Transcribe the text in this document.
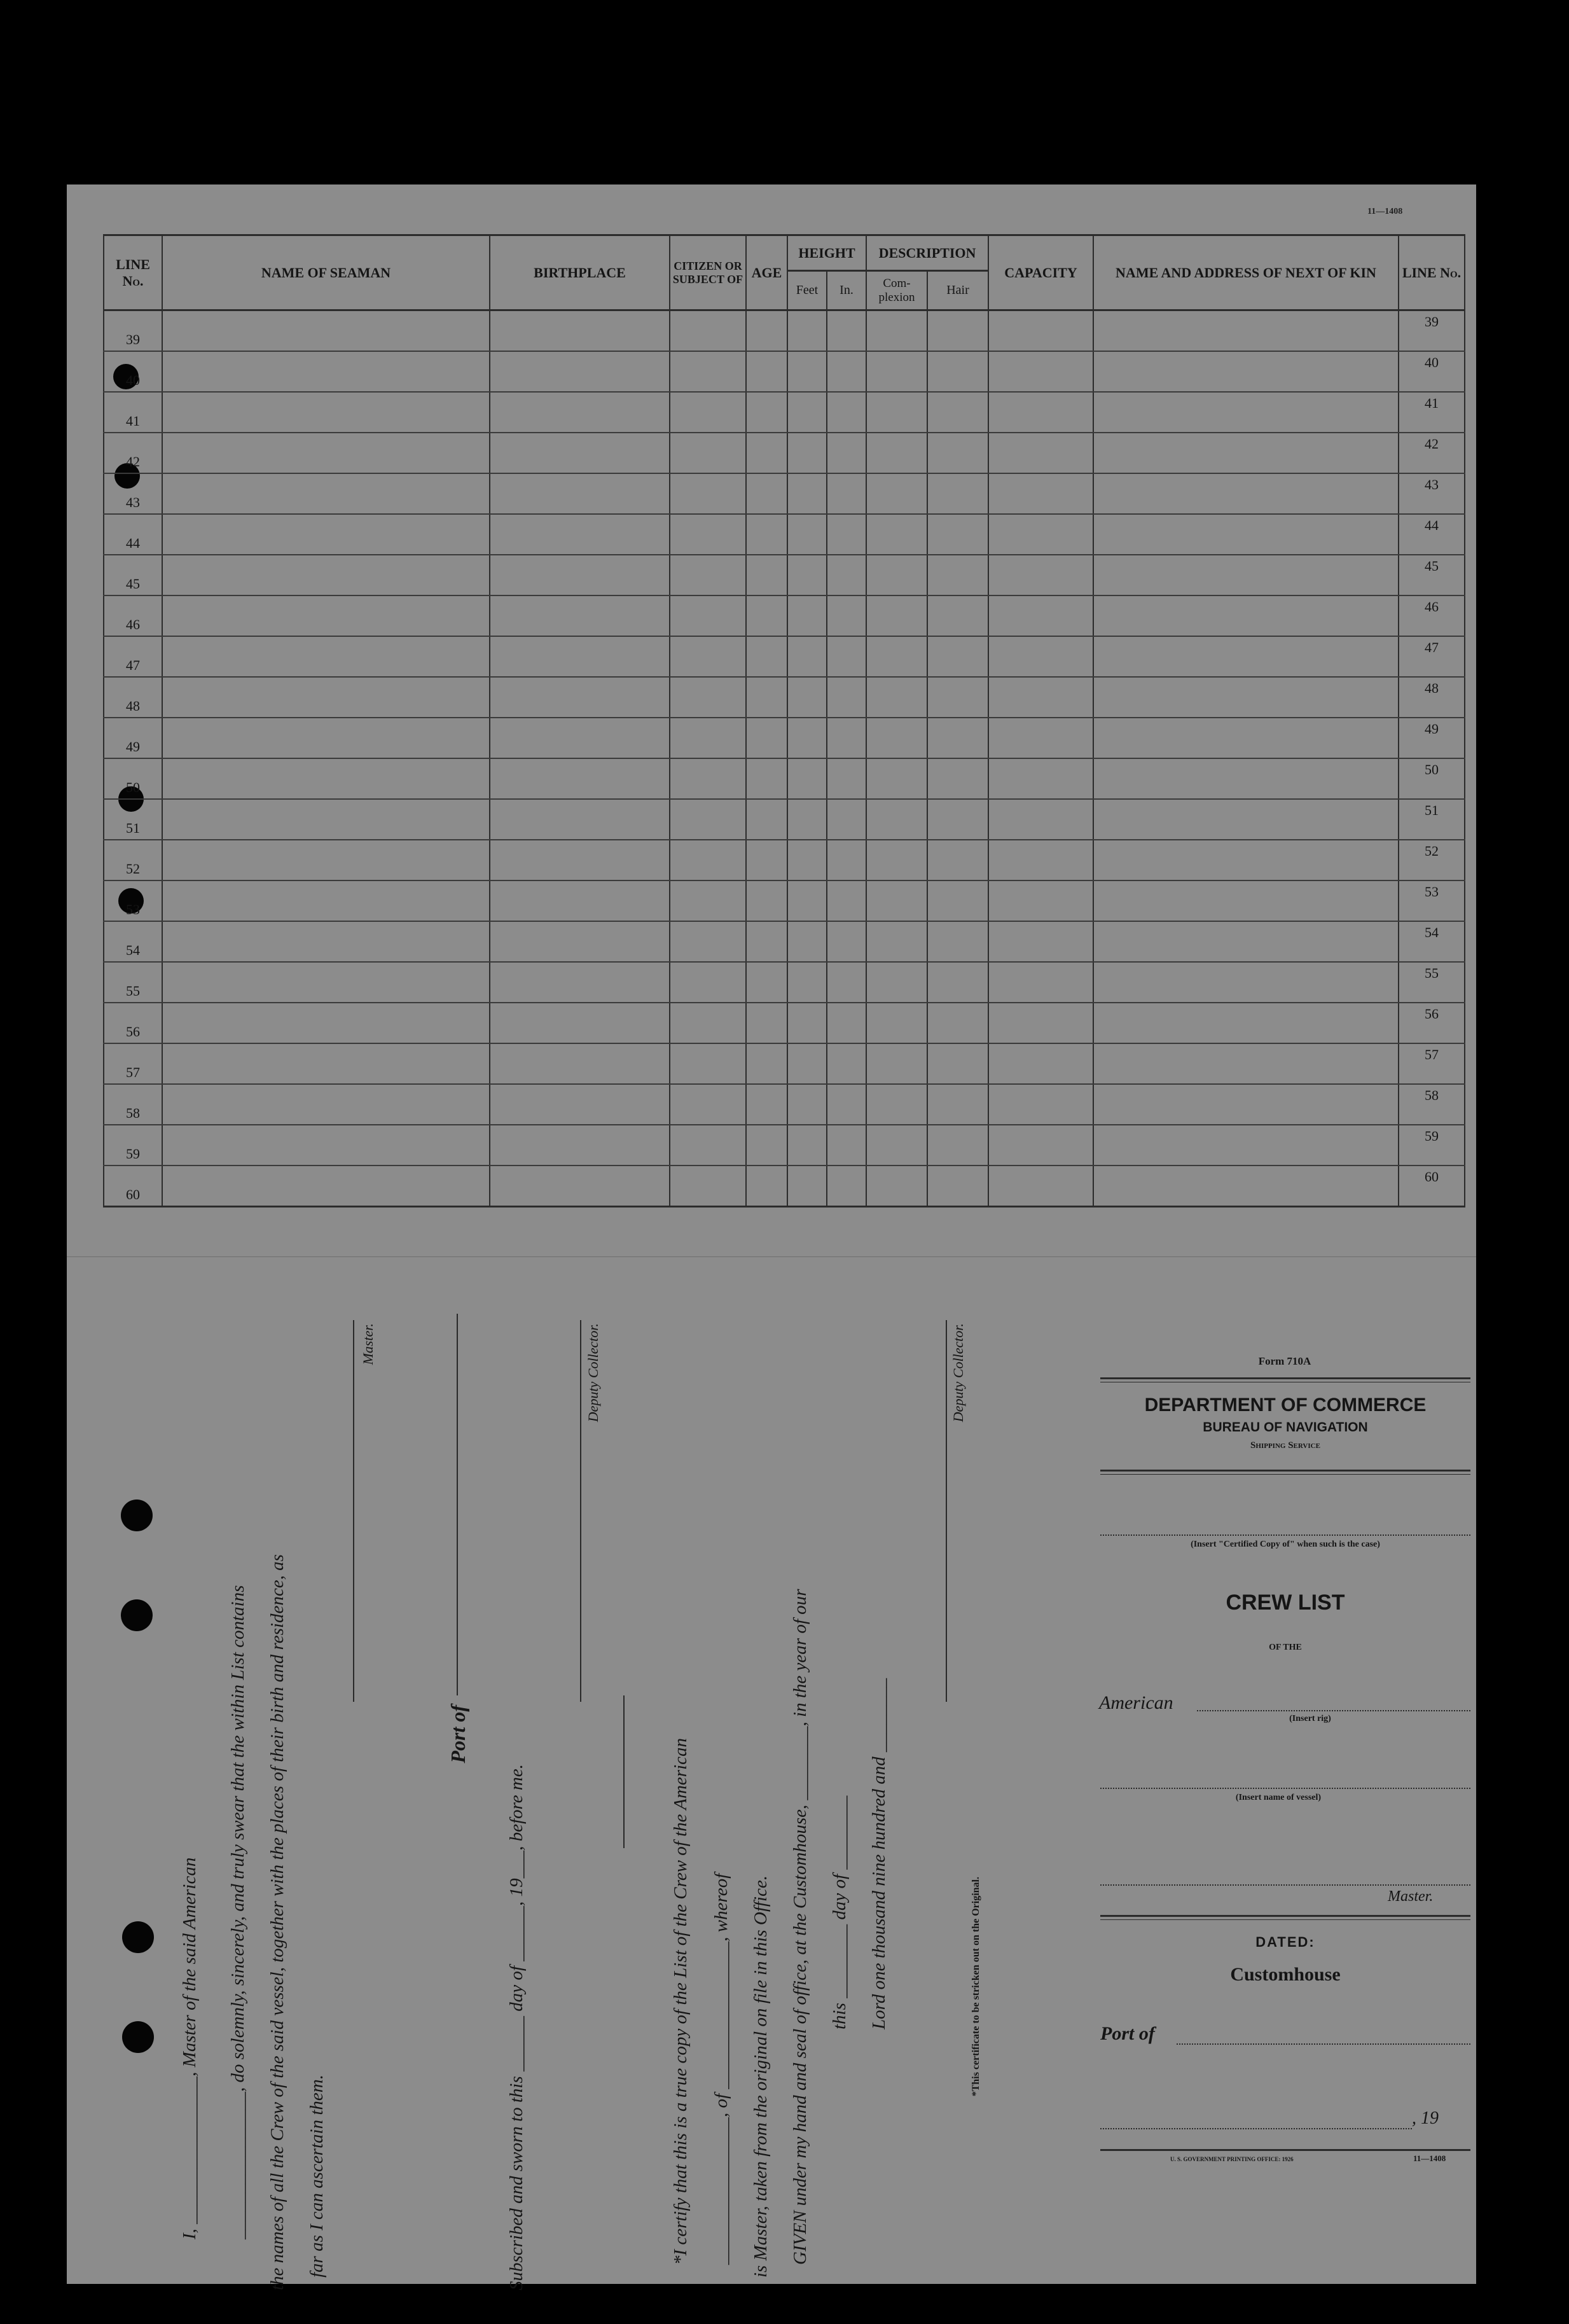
11—1408
LINE No.	NAME OF SEAMAN	BIRTHPLACE	CITIZEN OR SUBJECT OF	AGE	HEIGHT		DESCRIPTION		CAPACITY	NAME AND ADDRESS OF NEXT OF KIN	LINE No.
					Feet	In.	Com- plexion	Hair			
39											39
40											40
41											41
42											42
43											43
44											44
45											45
46											46
47											47
48											48
49											49
50											50
51											51
52											52
53											53
54											54
55											55
56											56
57											57
58											58
59											59
60											60
I, ________________, Master of the said American ________________, do solemnly, sincerely, and truly swear that the within List contains the names of all the Crew of the said vessel, together with the places of their birth and residence, as far as I can ascertain them.
Master.
Port of
Subscribed and sworn to this ______ day of ______, 19___, before me.
Deputy Collector.
*I certify that this is a true copy of the List of the Crew of the American ________________, of ________________, whereof is Master, taken from the original on file in this Office. GIVEN under my hand and seal of office, at the Customhouse, ________, in the year of our this ________ day of ________ Lord one thousand nine hundred and ________
Deputy Collector.
*This certificate to be stricken out on the Original.
Form 710A
DEPARTMENT OF COMMERCE
BUREAU OF NAVIGATION
Shipping Service
(Insert "Certified Copy of" when such is the case)
CREW LIST
OF THE
American
(Insert rig)
(Insert name of vessel)
Master.
DATED:
Customhouse
Port of
, 19
U. S. GOVERNMENT PRINTING OFFICE: 1926	11—1408
